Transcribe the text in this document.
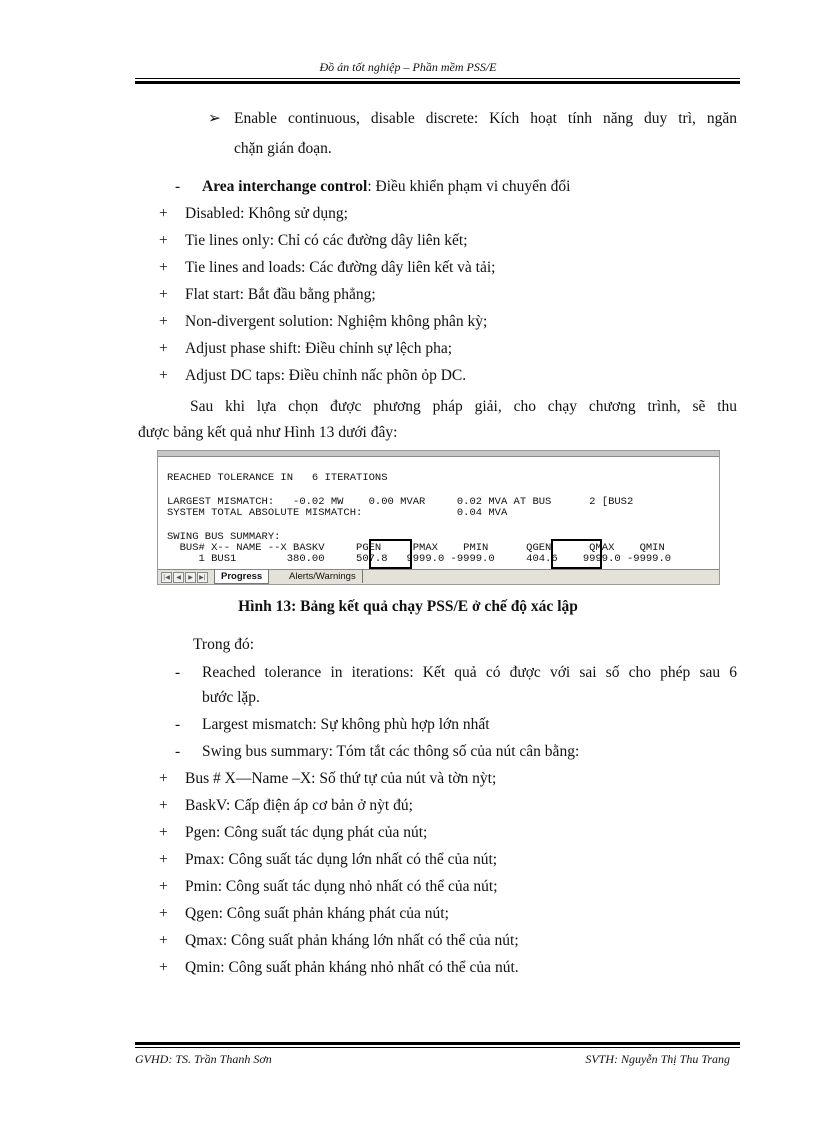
Đồ án tốt nghiệp – Phần mềm PSS/E
➢ Enable continuous, disable discrete: Kích hoạt tính năng duy trì, ngăn
chặn gián đoạn.
- Area interchange control: Điều khiển phạm vi chuyển đổi
+ Disabled: Không sử dụng;
+ Tie lines only: Chỉ có các đường dây liên kết;
+ Tie lines and loads: Các đường dây liên kết và tải;
+ Flat start: Bắt đầu bằng phẳng;
+ Non-divergent solution: Nghiệm không phân kỳ;
+ Adjust phase shift: Điều chỉnh sự lệch pha;
+ Adjust DC taps: Điều chỉnh nấc phõn ỏp DC.
Sau khi lựa chọn được phương pháp giải, cho chạy chương trình, sẽ thu
được bảng kết quả như Hình 13 dưới đây:
REACHED TOLERANCE IN   6 ITERATIONS
LARGEST MISMATCH:   -0.02 MW    0.00 MVAR     0.02 MVA AT BUS      2 [BUS2
SYSTEM TOTAL ABSOLUTE MISMATCH:               0.04 MVA
SWING BUS SUMMARY:
BUS# X-- NAME --X BASKV     PGEN     PMAX    PMIN      QGEN      QMAX    QMIN
1 BUS1        380.00     507.8   9999.0 -9999.0     404.6    9999.0 -9999.0
|◀	◀	▶	▶|	Progress	Alerts/Warnings
Hình 13: Bảng kết quả chạy PSS/E ở chế độ xác lập
Trong đó:
- Reached tolerance in iterations: Kết quả có được với sai số cho phép sau 6
bước lặp.
- Largest mismatch: Sự không phù hợp lớn nhất
- Swing bus summary: Tóm tắt các thông số của nút cân bằng:
+ Bus # X—Name –X: Số thứ tự của nút và tờn nỳt;
+ BaskV: Cấp điện áp cơ bản ở nỳt đú;
+ Pgen: Công suất tác dụng phát của nút;
+ Pmax: Công suất tác dụng lớn nhất có thể của nút;
+ Pmin: Công suất tác dụng nhỏ nhất có thể của nút;
+ Qgen: Công suất phản kháng phát của nút;
+ Qmax: Công suất phản kháng lớn nhất có thể của nút;
+ Qmin: Công suất phản kháng nhỏ nhất có thể của nút.
GVHD: TS. Trần Thanh Sơn	SVTH: Nguyễn Thị Thu Trang
